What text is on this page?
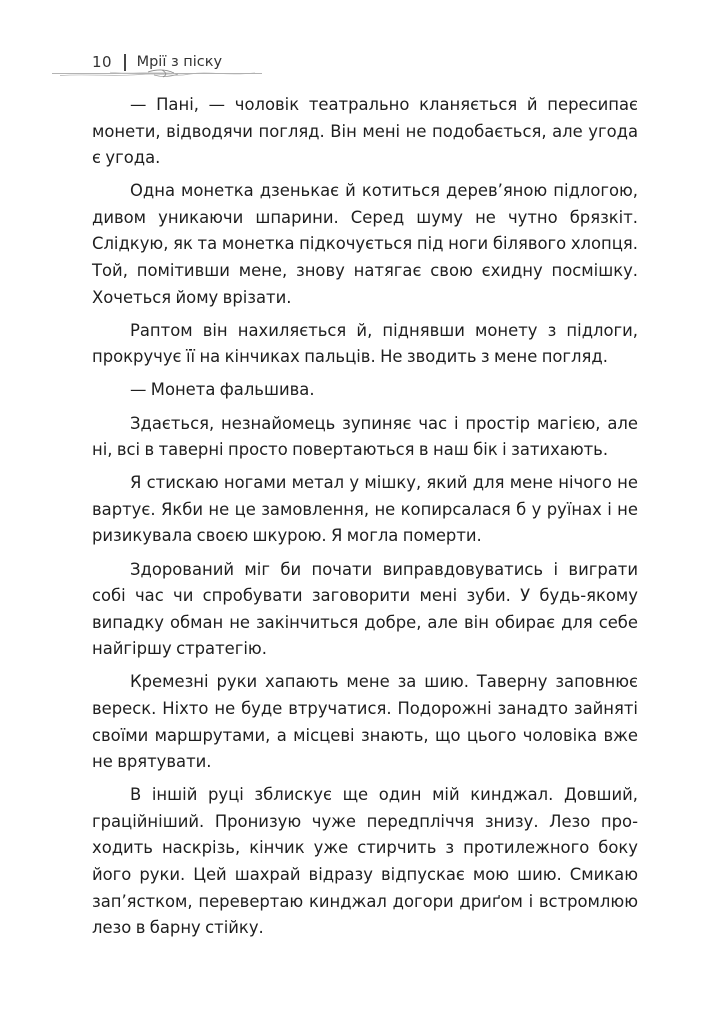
10 Мрії з піску

— Пані, — чоловік театрально кланяється й пересипає монети, відводячи погляд. Він мені не подобається, але угода є угода.

Одна монетка дзенькає й котиться дерев’яною підлогою, дивом уникаючи шпарини. Серед шуму не чутно брязкіт. Слідкую, як та монетка підкочується під ноги білявого хлопця. Той, помітивши мене, знову натягає свою єхидну посмішку. Хочеться йому врізати.

Раптом він нахиляється й, піднявши монету з підлоги, прокручує її на кінчиках пальців. Не зводить з мене погляд.

— Монета фальшива.

Здається, незнайомець зупиняє час і простір магією, але ні, всі в таверні просто повертаються в наш бік і затихають.

Я стискаю ногами метал у мішку, який для мене нічого не вартує. Якби не це замовлення, не копирсалася б у руїнах і не ризикувала своєю шкурою. Я могла померти.

Здорований міг би почати виправдовуватись і виграти собі час чи спробувати заговорити мені зуби. У будь-якому випадку обман не закінчиться добре, але він обирає для себе найгіршу стратегію.

Кремезні руки хапають мене за шию. Таверну заповнює вереск. Ніхто не буде втручатися. Подорожні занадто зайняті своїми маршрутами, а місцеві знають, що цього чоловіка вже не врятувати.

В іншій руці зблискує ще один мій кинджал. Довший, граційніший. Пронизую чуже передпліччя знизу. Лезо проходить наскрізь, кінчик уже стирчить з протилежного боку його руки. Цей шахрай відразу відпускає мою шию. Смикаю зап’ястком, перевертаю кинджал догори дриґом і встромлюю лезо в барну стійку.
